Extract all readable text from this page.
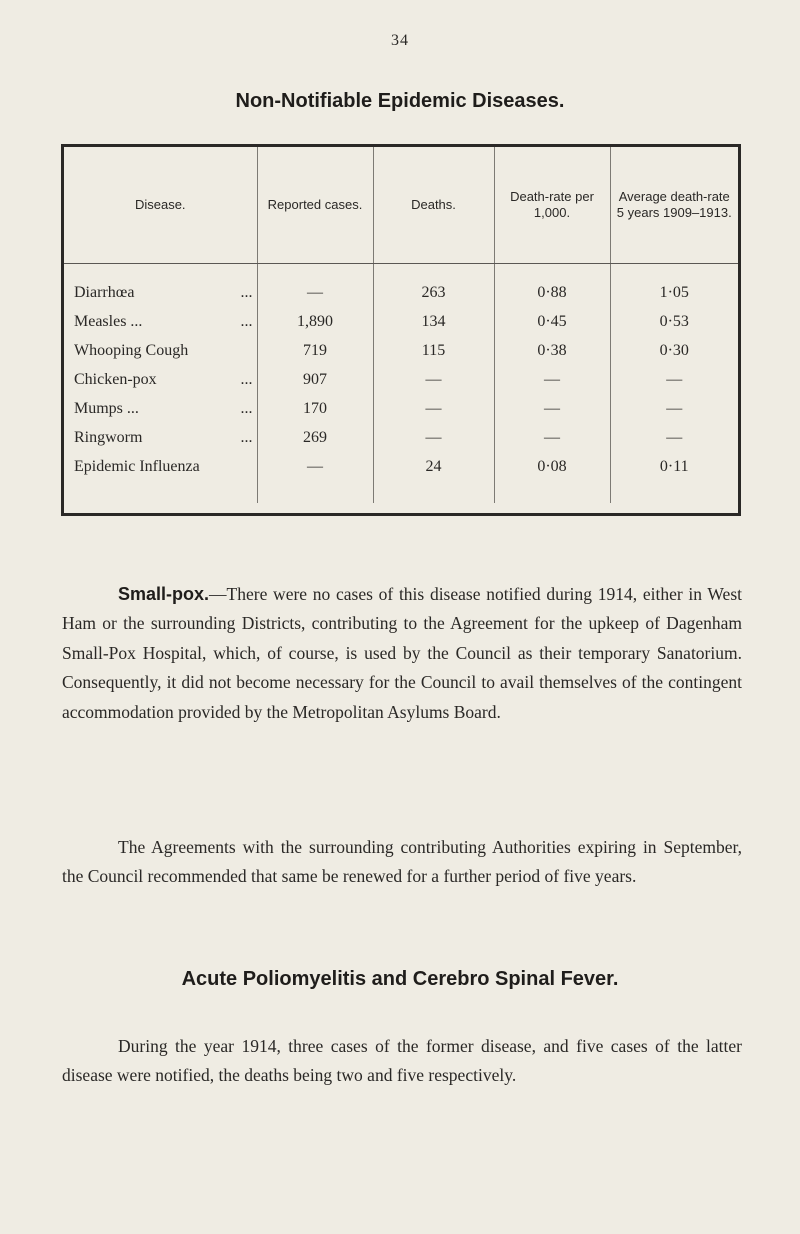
34
Non-Notifiable Epidemic Diseases.
Disease.	Reported cases.	Deaths.	Death-rate per 1,000.	Average death-rate 5 years 1909–1913.
Diarrhœa ...	—	263	0·88	1·05
Measles ... ...	1,890	134	0·45	0·53
Whooping Cough	719	115	0·38	0·30
Chicken-pox ...	907	—	—	—
Mumps ... ...	170	—	—	—
Ringworm ...	269	—	—	—
Epidemic Influenza	—	24	0·08	0·11

Small-pox.—There were no cases of this disease notified during 1914, either in West Ham or the surrounding Districts, contributing to the Agreement for the upkeep of Dagenham Small-Pox Hospital, which, of course, is used by the Council as their temporary Sanatorium. Consequently, it did not become necessary for the Council to avail themselves of the contingent accommodation provided by the Metropolitan Asylums Board.

The Agreements with the surrounding contributing Authorities expiring in September, the Council recommended that same be renewed for a further period of five years.

Acute Poliomyelitis and Cerebro Spinal Fever.

During the year 1914, three cases of the former disease, and five cases of the latter disease were notified, the deaths being two and five respectively.
